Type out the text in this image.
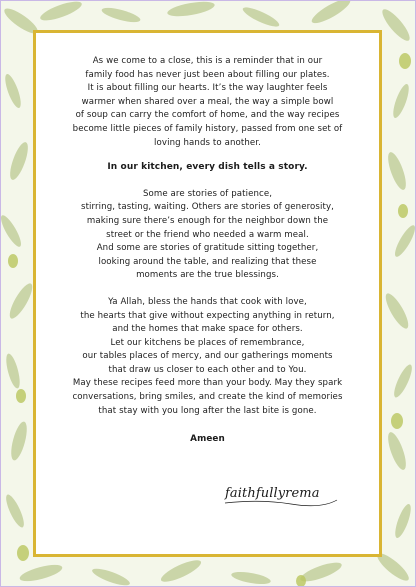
As we come to a close, this is a reminder that in our
family food has never just been about filling our plates.
It is about filling our hearts. It’s the way laughter feels
warmer when shared over a meal, the way a simple bowl
of soup can carry the comfort of home, and the way recipes
become little pieces of family history, passed from one set of
loving hands to another.

In our kitchen, every dish tells a story.

Some are stories of patience,
stirring, tasting, waiting. Others are stories of generosity,
making sure there’s enough for the neighbor down the
street or the friend who needed a warm meal.
And some are stories of gratitude sitting together,
looking around the table, and realizing that these
moments are the true blessings.

Ya Allah, bless the hands that cook with love,
the hearts that give without expecting anything in return,
and the homes that make space for others.
Let our kitchens be places of remembrance,
our tables places of mercy, and our gatherings moments
that draw us closer to each other and to You.
May these recipes feed more than your body. May they spark
conversations, bring smiles, and create the kind of memories
that stay with you long after the last bite is gone.

Ameen

faithfullyrema
